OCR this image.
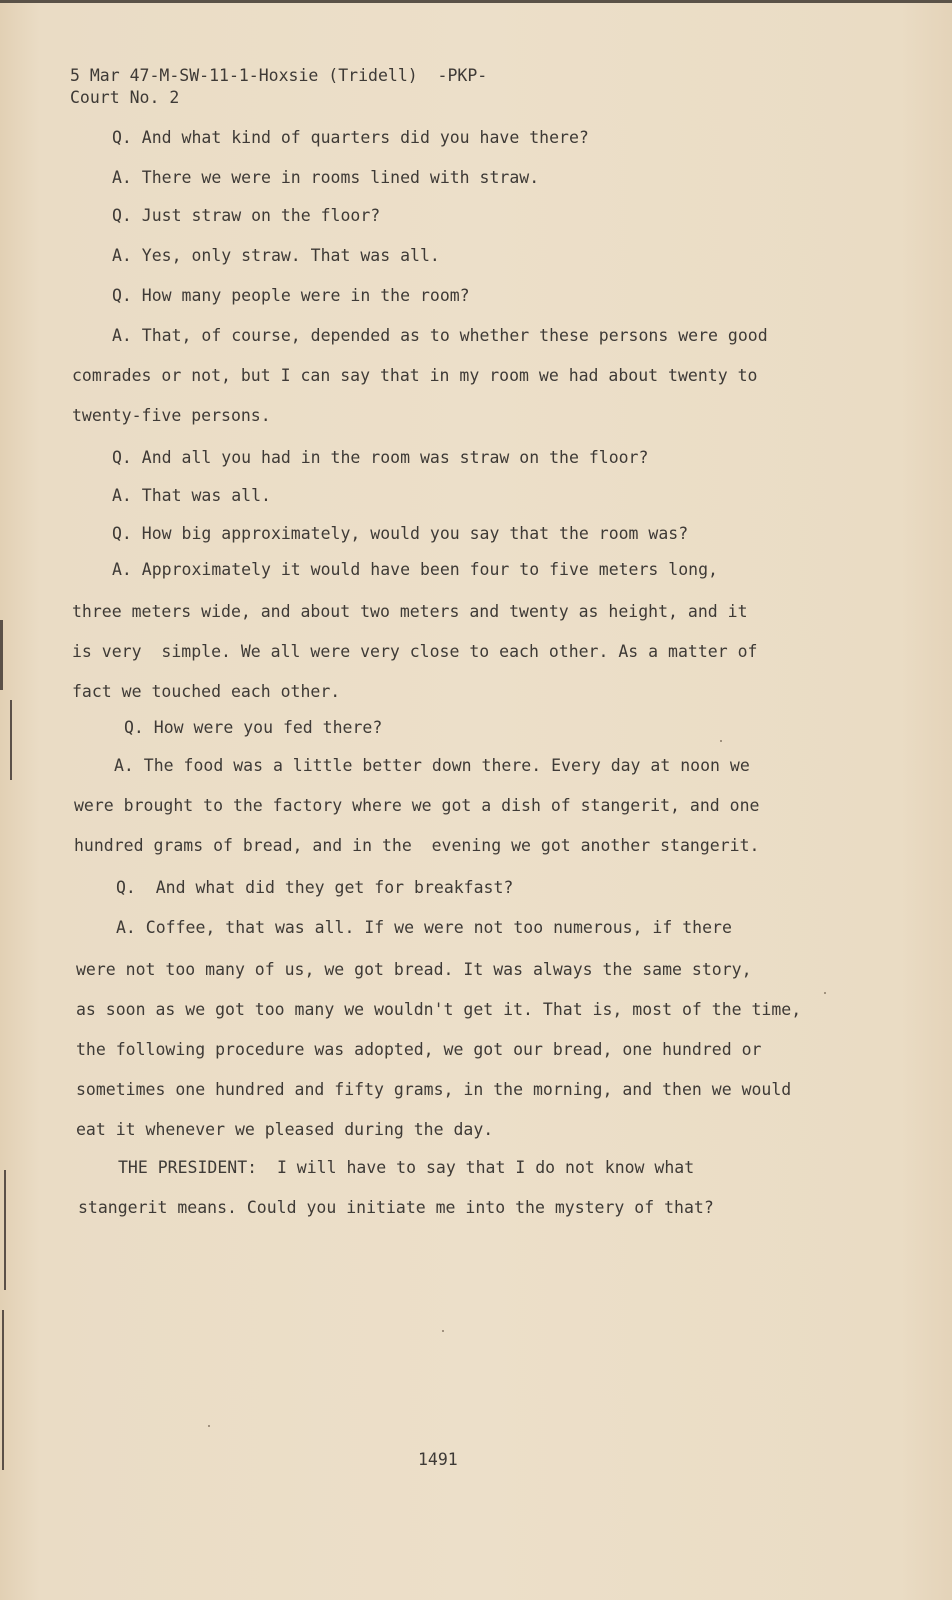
5 Mar 47-M-SW-11-1-Hoxsie (Tridell)  -PKP-
Court No. 2
Q. And what kind of quarters did you have there?
A. There we were in rooms lined with straw.
Q. Just straw on the floor?
A. Yes, only straw. That was all.
Q. How many people were in the room?
A. That, of course, depended as to whether these persons were good
comrades or not, but I can say that in my room we had about twenty to
twenty-five persons.
Q. And all you had in the room was straw on the floor?
A. That was all.
Q. How big approximately, would you say that the room was?
A. Approximately it would have been four to five meters long,
three meters wide, and about two meters and twenty as height, and it
is very  simple. We all were very close to each other. As a matter of
fact we touched each other.
Q. How were you fed there?
A. The food was a little better down there. Every day at noon we
were brought to the factory where we got a dish of stangerit, and one
hundred grams of bread, and in the  evening we got another stangerit.
Q.  And what did they get for breakfast?
A. Coffee, that was all. If we were not too numerous, if there
were not too many of us, we got bread. It was always the same story,
as soon as we got too many we wouldn't get it. That is, most of the time,
the following procedure was adopted, we got our bread, one hundred or
sometimes one hundred and fifty grams, in the morning, and then we would
eat it whenever we pleased during the day.
THE PRESIDENT:  I will have to say that I do not know what
stangerit means. Could you initiate me into the mystery of that?
1491
